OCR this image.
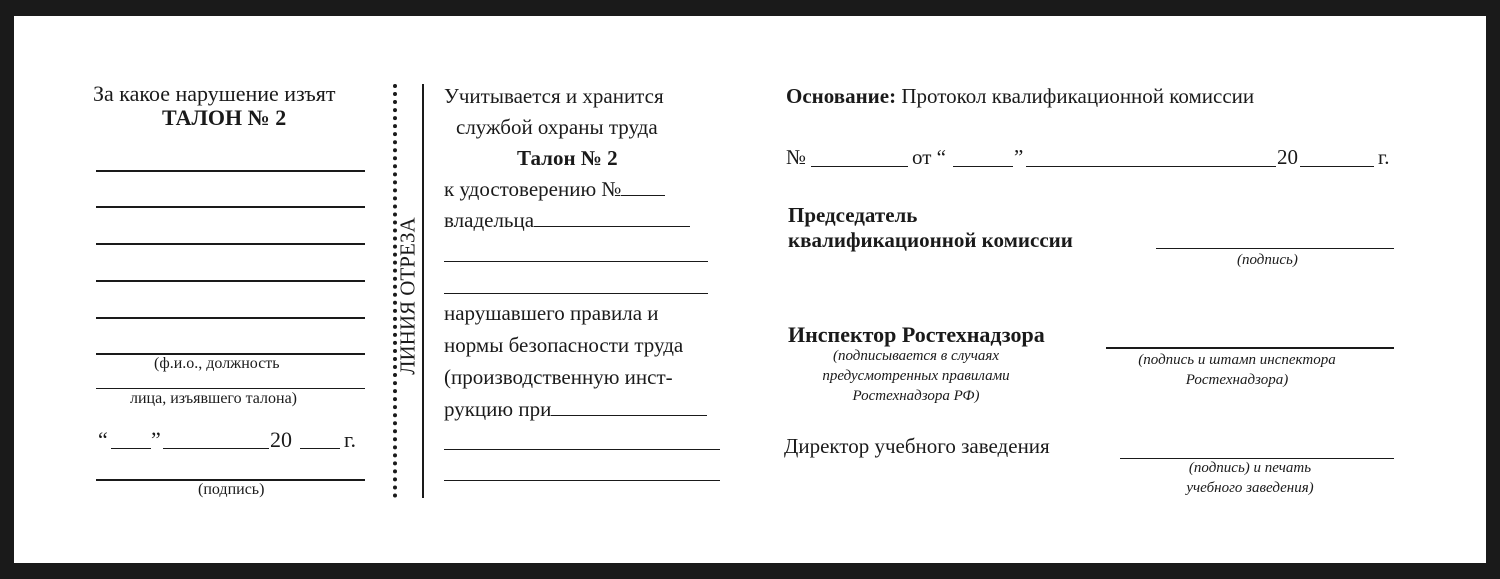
За какое нарушение изъят
ТАЛОН № 2
(ф.и.о., должность
лица, изъявшего талона)
“ ”	20 г.
(подпись)
ЛИНИЯ ОТРЕЗА
Учитывается и хранится
службой охраны труда
Талон № 2
к удостоверению №
владельца
нарушавшего правила и
нормы безопасности труда
(производственную инст-
рукцию при
Основание: Протокол квалификационной комиссии
№	от “	”	20	г.
Председатель
квалификационной комиссии
(подпись)
Инспектор Ростехнадзора
(подписывается в случаях
предусмотренных правилами
Ростехнадзора РФ)
(подпись и штамп инспектора
Ростехнадзора)
Директор учебного заведения
(подпись) и печать
учебного заведения)
